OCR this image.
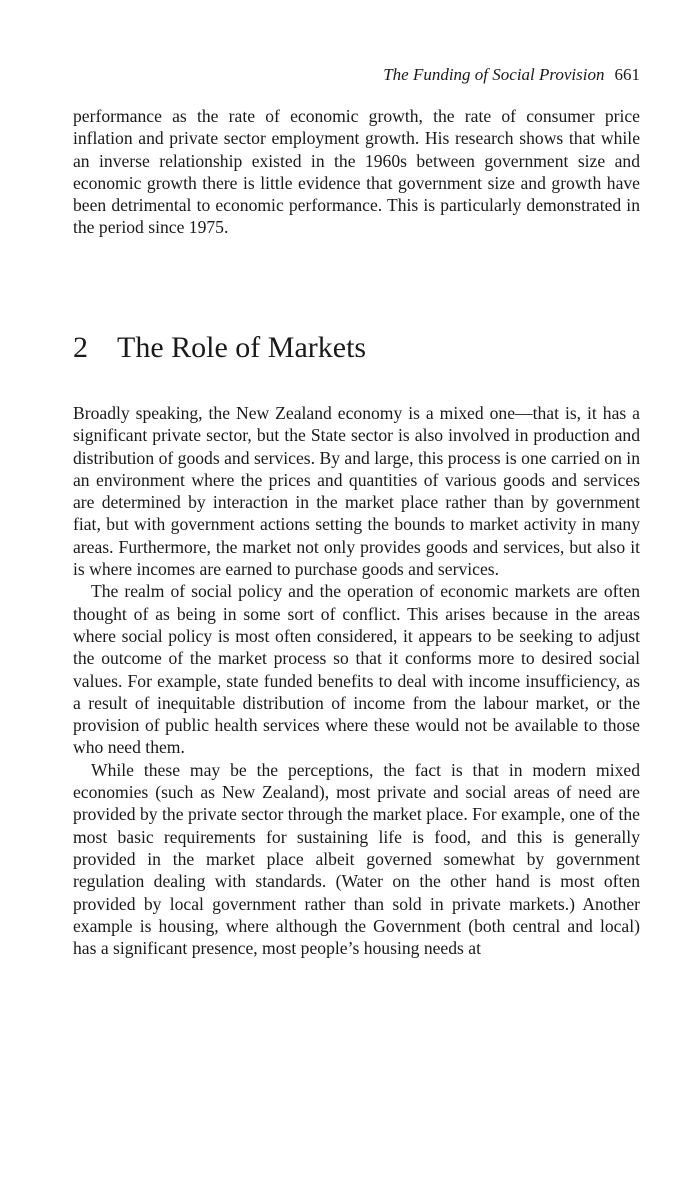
The Funding of Social Provision 661

performance as the rate of economic growth, the rate of consumer price inflation and private sector employment growth. His research shows that while an inverse relationship existed in the 1960s between government size and economic growth there is little evidence that government size and growth have been detrimental to economic performance. This is particularly demonstrated in the period since 1975.

2 The Role of Markets

Broadly speaking, the New Zealand economy is a mixed one—that is, it has a significant private sector, but the State sector is also involved in production and distribution of goods and services. By and large, this process is one carried on in an environment where the prices and quantities of various goods and services are determined by interaction in the market place rather than by government fiat, but with government actions setting the bounds to market activity in many areas. Furthermore, the market not only provides goods and services, but also it is where incomes are earned to purchase goods and services.

The realm of social policy and the operation of economic markets are often thought of as being in some sort of conflict. This arises because in the areas where social policy is most often considered, it appears to be seeking to adjust the outcome of the market process so that it conforms more to desired social values. For example, state funded benefits to deal with income insufficiency, as a result of inequitable distribution of income from the labour market, or the provision of public health services where these would not be available to those who need them.

While these may be the perceptions, the fact is that in modern mixed economies (such as New Zealand), most private and social areas of need are provided by the private sector through the market place. For example, one of the most basic requirements for sustaining life is food, and this is generally provided in the market place albeit governed somewhat by government regulation dealing with standards. (Water on the other hand is most often provided by local government rather than sold in private markets.) Another example is housing, where although the Government (both central and local) has a significant presence, most people’s housing needs at
